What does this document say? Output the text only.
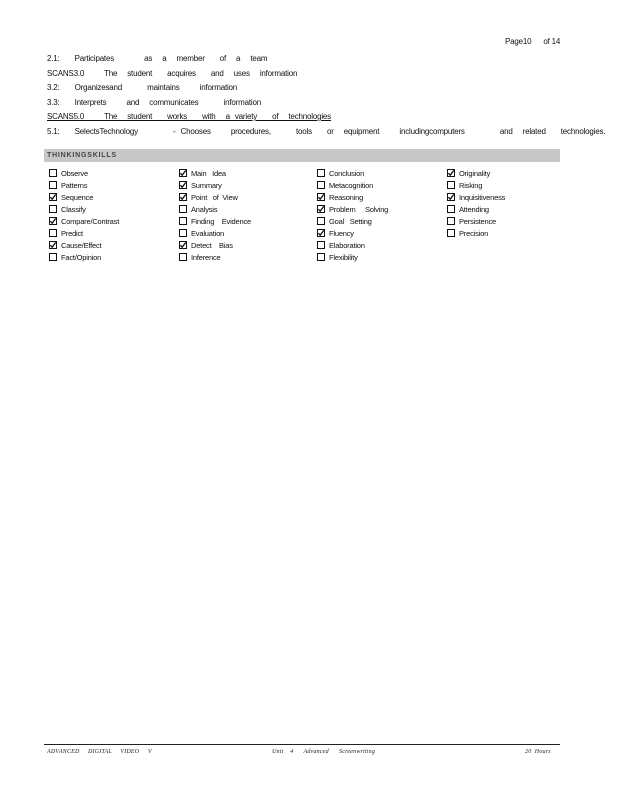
Page10 of 14
2.1:   Participates      as  a  member   of  a  team
SCANS3.0    The  student   acquires   and  uses  information
3.2:   Organizesand     maintains    information
3.3:   Interprets    and  communicates     information
SCANS5.0    The  student   works   with  a variety   of  technologies
5.1:   SelectsTechnology       - Chooses    procedures,     tools   or  equipment    includingcomputers       and  related   technologies.
THINKINGSKILLS
Observe
Patterns
Sequence
Classify
Compare/Contrast
Predict
Cause/Effect
Fact/Opinion
Main   Idea
Summary
Point   of  View
Analysis
Finding    Evidence
Evaluation
Detect    Bias
Inference
Conclusion
Metacognition
Reasoning
Problem     Solving
Goal   Setting
Fluency
Elaboration
Flexibility
Originality
Risking
Inquisitiveness
Attending
Persistence
Precision
ADVANCED     DIGITAL     VIDEO     V	Unit    4      Advanced      Screenwriting	20  Hours
